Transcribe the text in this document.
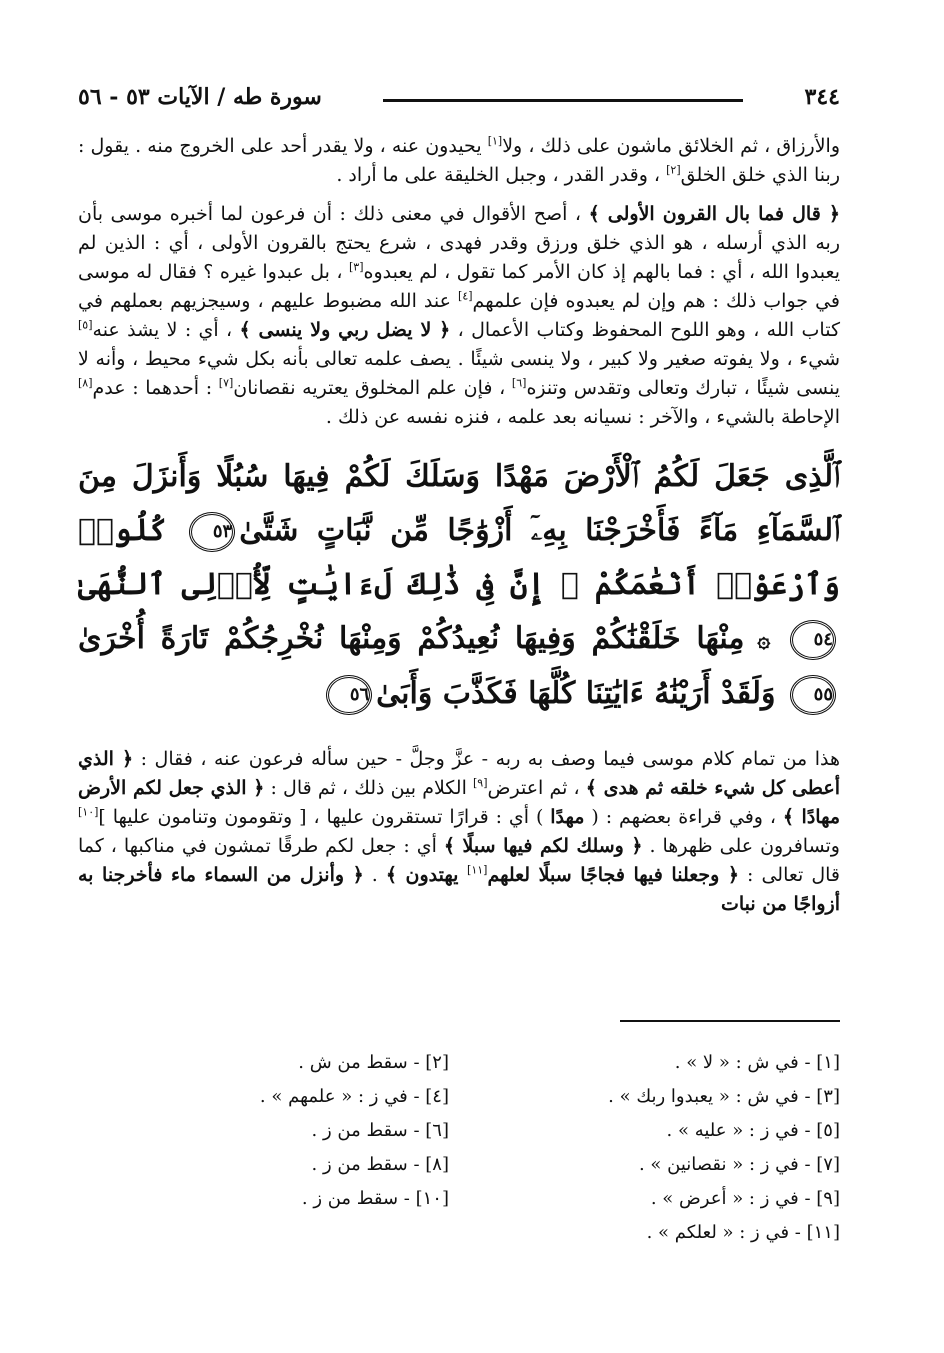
٣٤٤
سورة طه / الآيات ٥٣ - ٥٦

والأرزاق ، ثم الخلائق ماشون على ذلك ، ولا[١] يحيدون عنه ، ولا يقدر أحد على الخروج منه . يقول : ربنا الذي خلق الخلق[٢] ، وقدر القدر ، وجبل الخليقة على ما أراد .

﴿ قال فما بال القرون الأولى ﴾ ، أصح الأقوال في معنى ذلك : أن فرعون لما أخبره موسى بأن ربه الذي أرسله ، هو الذي خلق ورزق وقدر فهدى ، شرع يحتج بالقرون الأولى ، أي : الذين لم يعبدوا الله ، أي : فما بالهم إذ كان الأمر كما تقول ، لم يعبدوه[٣] ، بل عبدوا غيره ؟ فقال له موسى في جواب ذلك : هم وإن لم يعبدوه فإن علمهم[٤] عند الله مضبوط عليهم ، وسيجزيهم بعملهم في كتاب الله ، وهو اللوح المحفوظ وكتاب الأعمال ، ﴿ لا يضل ربي ولا ينسى ﴾ ، أي : لا يشذ عنه[٥] شيء ، ولا يفوته صغير ولا كبير ، ولا ينسى شيئًا . يصف علمه تعالى بأنه بكل شيء محيط ، وأنه لا ينسى شيئًا ، تبارك وتعالى وتقدس وتنزه[٦] ، فإن علم المخلوق يعتريه نقصانان[٧] : أحدهما : عدم[٨] الإحاطة بالشيء ، والآخر : نسيانه بعد علمه ، فنزه نفسه عن ذلك .

ٱلَّذِى جَعَلَ لَكُمُ ٱلْأَرْضَ مَهْدًا وَسَلَكَ لَكُمْ فِيهَا سُبُلًا وَأَنزَلَ مِنَ ٱلسَّمَآءِ مَآءً فَأَخْرَجْنَا بِهِۦٓ أَزْوَٰجًا مِّن نَّبَاتٍ شَتَّىٰ٥٣ كُلُوا۟ وَٱرْعَوْا۟ أَنْعَٰمَكُمْ ۗ إِنَّ فِى ذَٰلِكَ لَءَايَٰتٍ لِّأُو۟لِى ٱلنُّهَىٰ٥٤ ۞ مِنْهَا خَلَقْنَٰكُمْ وَفِيهَا نُعِيدُكُمْ وَمِنْهَا نُخْرِجُكُمْ تَارَةً أُخْرَىٰ٥٥ وَلَقَدْ أَرَيْنَٰهُ ءَايَٰتِنَا كُلَّهَا فَكَذَّبَ وَأَبَىٰ٥٦

هذا من تمام كلام موسى فيما وصف به ربه - عزَّ وجلَّ - حين سأله فرعون عنه ، فقال : ﴿ الذي أعطى كل شيء خلقه ثم هدى ﴾ ، ثم اعترض[٩] الكلام بين ذلك ، ثم قال : ﴿ الذي جعل لكم الأرض مهادًا ﴾ ، وفي قراءة بعضهم : ( مهدًا ) أي : قرارًا تستقرون عليها ، [ وتقومون وتنامون عليها ][١٠] وتسافرون على ظهرها . ﴿ وسلك لكم فيها سبلًا ﴾ أي : جعل لكم طرقًا تمشون في مناكبها ، كما قال تعالى : ﴿ وجعلنا فيها فجاجًا سبلًا لعلهم[١١] يهتدون ﴾ . ﴿ وأنزل من السماء ماء فأخرجنا به أزواجًا من نبات

[١] - في ش : « لا » .
[٢] - سقط من ش .
[٣] - في ش : « يعبدوا ربك » .
[٤] - في ز : « علمهم » .
[٥] - في ز : « عليه » .
[٦] - سقط من ز .
[٧] - في ز : « نقصانين » .
[٨] - سقط من ز .
[٩] - في ز : « أعرض » .
[١٠] - سقط من ز .
[١١] - في ز : « لعلكم » .
